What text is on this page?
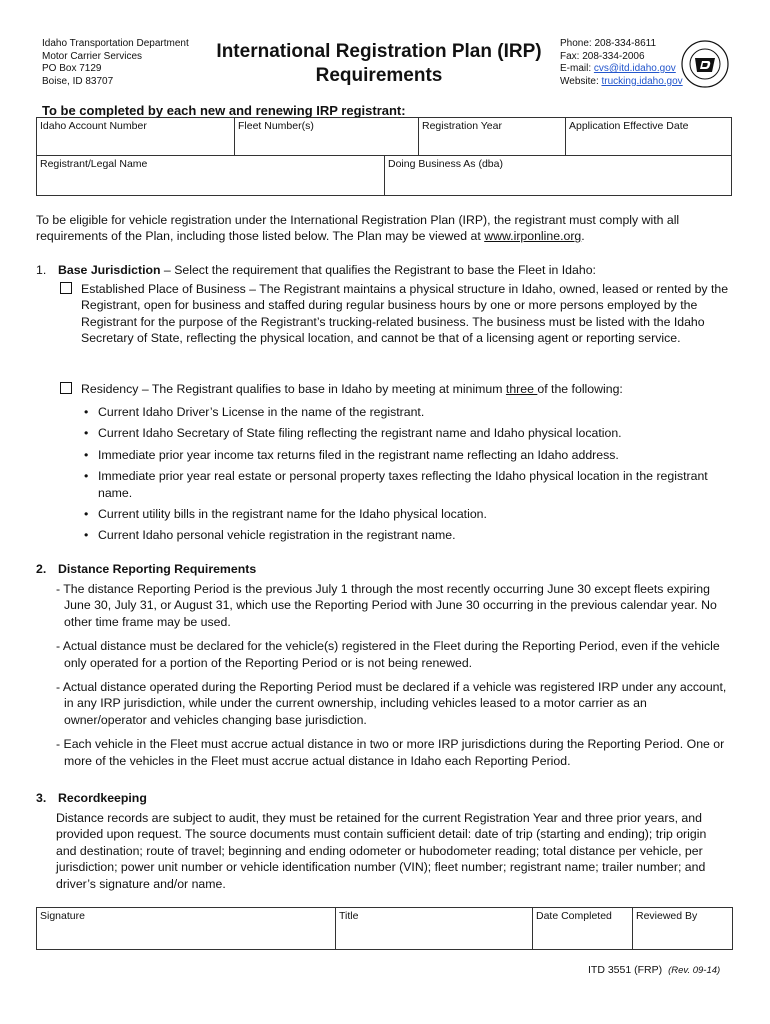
Idaho Transportation Department
Motor Carrier Services
PO Box 7129
Boise, ID 83707
International Registration Plan (IRP)
Requirements
Phone: 208-334-8611
Fax: 208-334-2006
E-mail: cvs@itd.idaho.gov
Website: trucking.idaho.gov
To be completed by each new and renewing IRP registrant:
Idaho Account Number	Fleet Number(s)	Registration Year	Application Effective Date
Registrant/Legal Name	Doing Business As (dba)
To be eligible for vehicle registration under the International Registration Plan (IRP), the registrant must comply with all requirements of the Plan, including those listed below. The Plan may be viewed at www.irponline.org.
1. Base Jurisdiction – Select the requirement that qualifies the Registrant to base the Fleet in Idaho:
Established Place of Business – The Registrant maintains a physical structure in Idaho, owned, leased or rented by the Registrant, open for business and staffed during regular business hours by one or more persons employed by the Registrant for the purpose of the Registrant’s trucking-related business. The business must be listed with the Idaho Secretary of State, reflecting the physical location, and cannot be that of a licensing agent or reporting service.
Residency – The Registrant qualifies to base in Idaho by meeting at minimum three of the following:
• Current Idaho Driver’s License in the name of the registrant.
• Current Idaho Secretary of State filing reflecting the registrant name and Idaho physical location.
• Immediate prior year income tax returns filed in the registrant name reflecting an Idaho address.
• Immediate prior year real estate or personal property taxes reflecting the Idaho physical location in the registrant name.
• Current utility bills in the registrant name for the Idaho physical location.
• Current Idaho personal vehicle registration in the registrant name.
2. Distance Reporting Requirements
- The distance Reporting Period is the previous July 1 through the most recently occurring June 30 except fleets expiring June 30, July 31, or August 31, which use the Reporting Period with June 30 occurring in the previous calendar year. No other time frame may be used.
- Actual distance must be declared for the vehicle(s) registered in the Fleet during the Reporting Period, even if the vehicle only operated for a portion of the Reporting Period or is not being renewed.
- Actual distance operated during the Reporting Period must be declared if a vehicle was registered IRP under any account, in any IRP jurisdiction, while under the current ownership, including vehicles leased to a motor carrier as an owner/operator and vehicles changing base jurisdiction.
- Each vehicle in the Fleet must accrue actual distance in two or more IRP jurisdictions during the Reporting Period. One or more of the vehicles in the Fleet must accrue actual distance in Idaho each Reporting Period.
3. Recordkeeping
Distance records are subject to audit, they must be retained for the current Registration Year and three prior years, and provided upon request. The source documents must contain sufficient detail: date of trip (starting and ending); trip origin and destination; route of travel; beginning and ending odometer or hubodometer reading; total distance per vehicle, per jurisdiction; power unit number or vehicle identification number (VIN); fleet number; registrant name; trailer number; and driver’s signature and/or name.
Signature	Title	Date Completed	Reviewed By
ITD 3551 (FRP) (Rev. 09-14)
